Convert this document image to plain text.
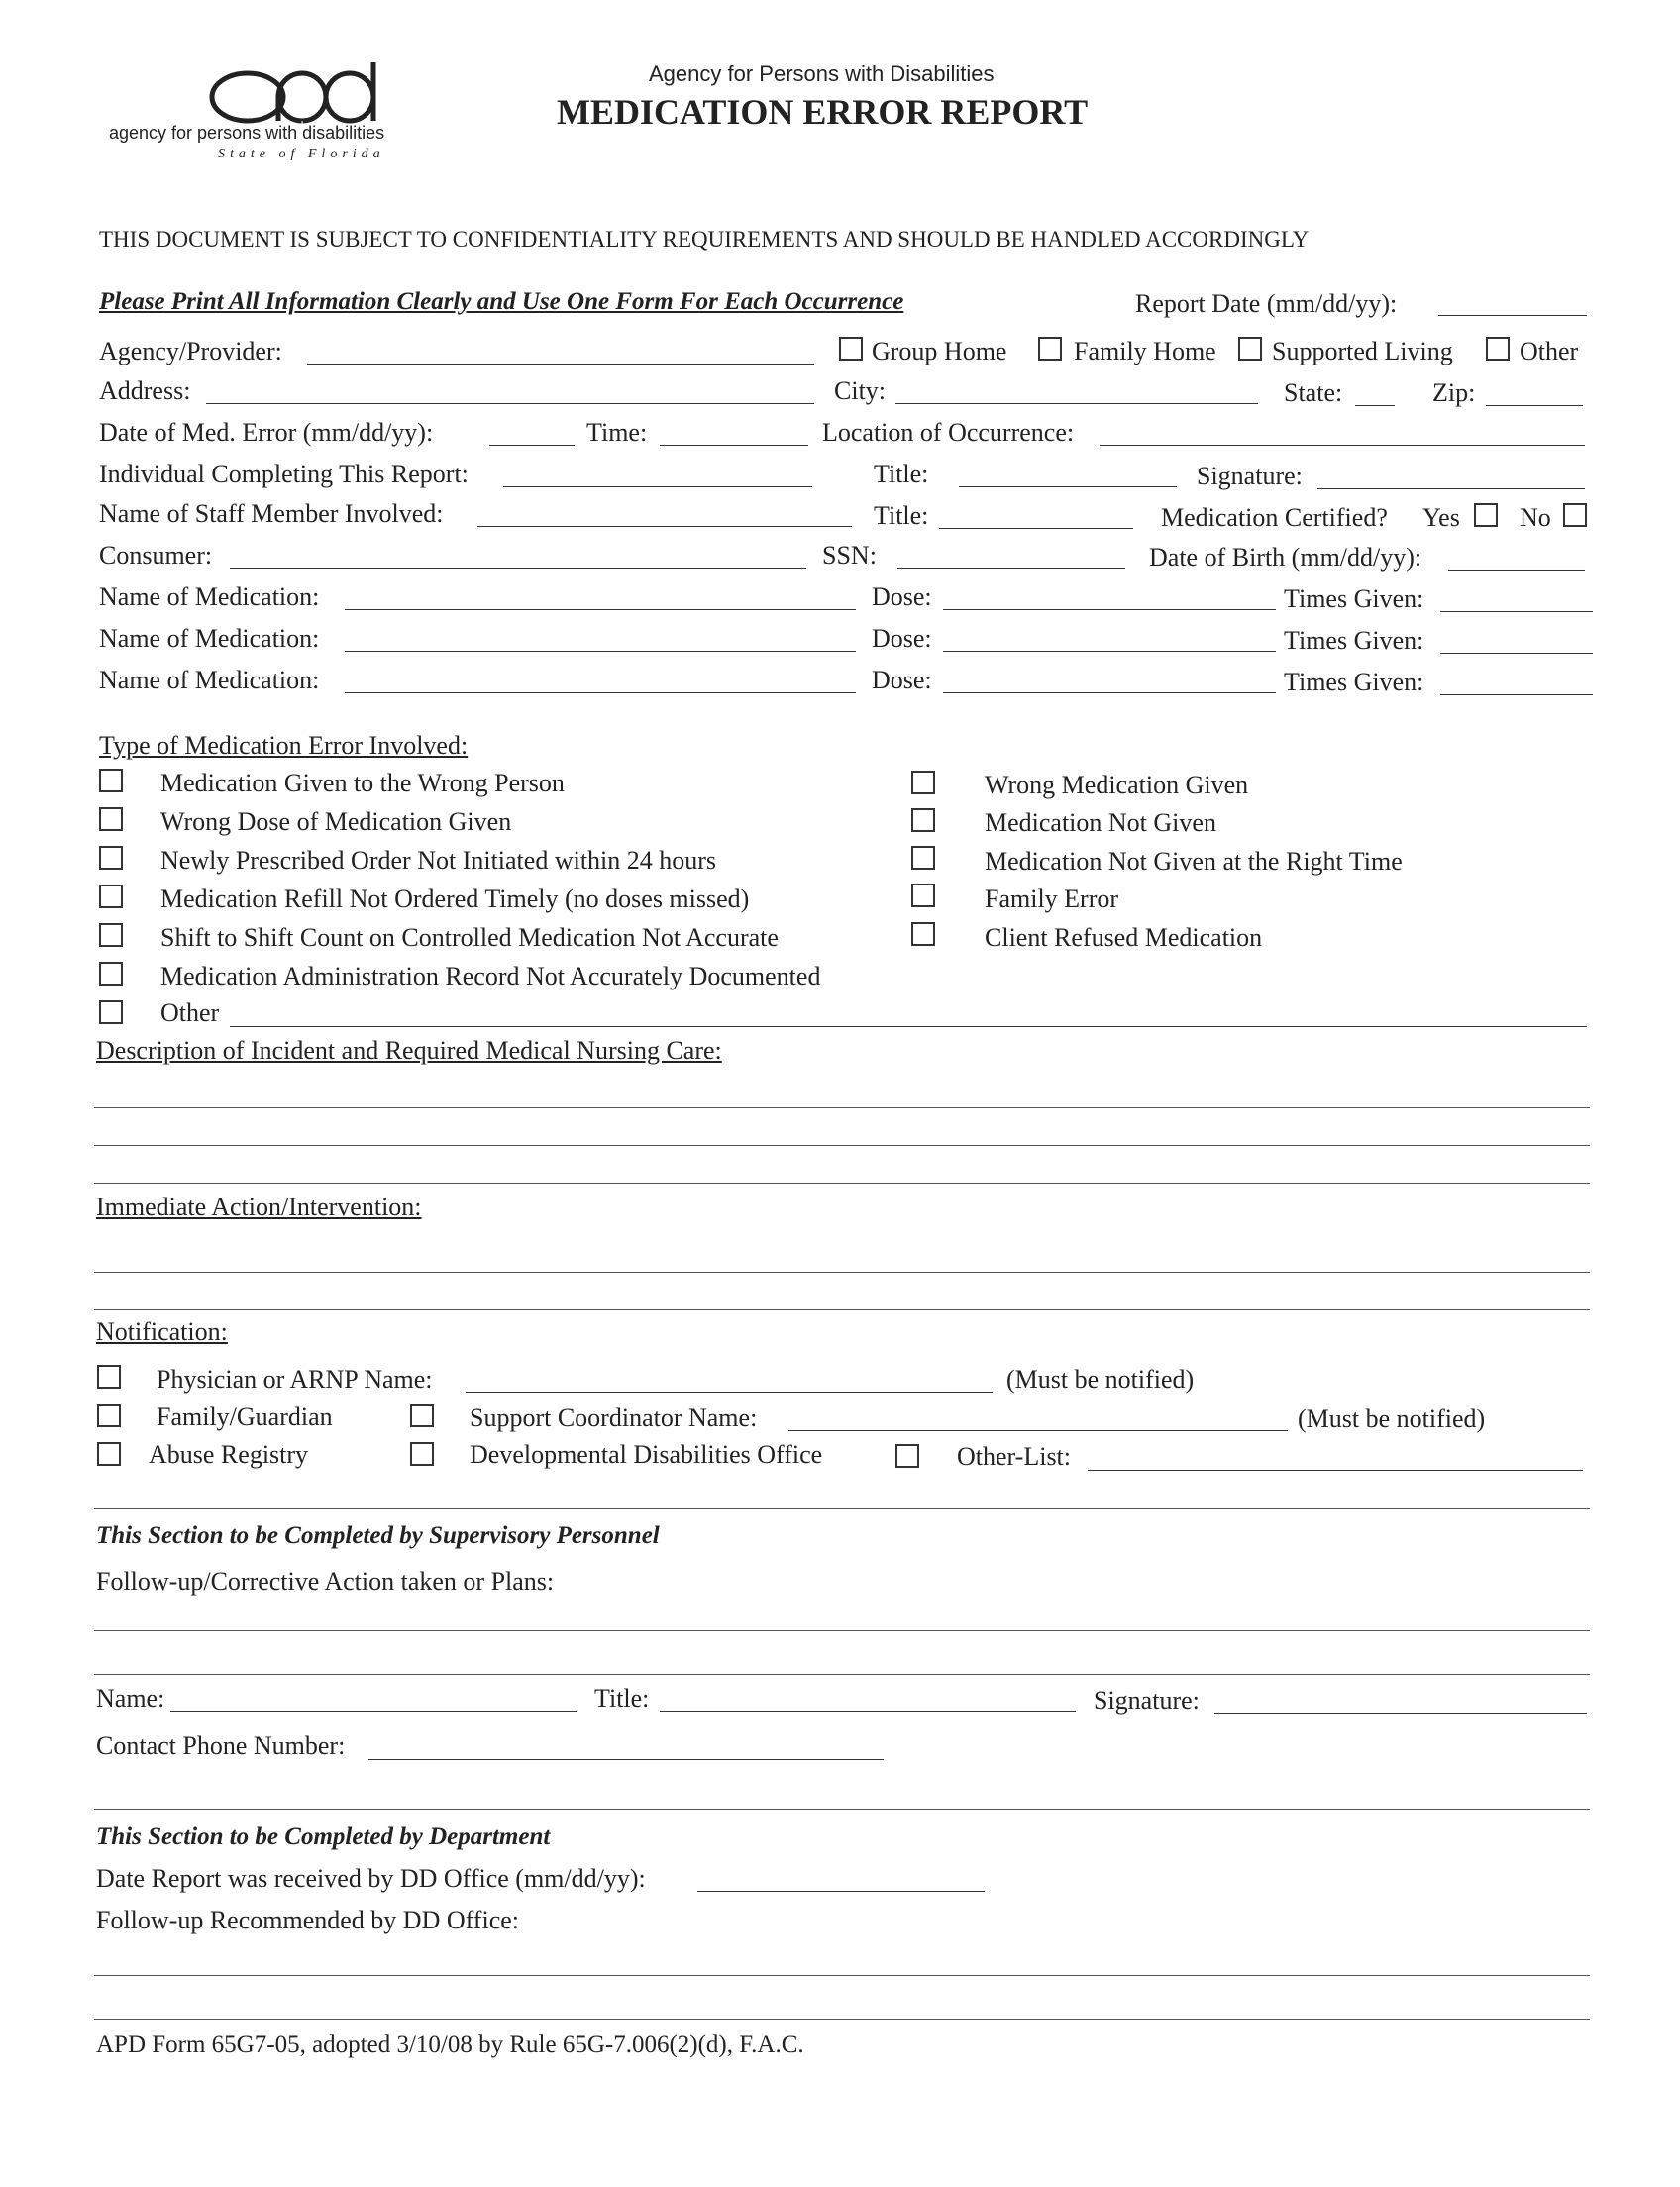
agency for persons with disabilities
State of Florida
Agency for Persons with Disabilities
MEDICATION ERROR REPORT
THIS DOCUMENT IS SUBJECT TO CONFIDENTIALITY REQUIREMENTS AND SHOULD BE HANDLED ACCORDINGLY
Please Print All Information Clearly and Use One Form For Each Occurrence	Report Date (mm/dd/yy):
Agency/Provider:	Group Home	Family Home Supported Living	Other
Address:	City:	State:	Zip:
Date of Med. Error (mm/dd/yy):	Time:	Location of Occurrence:
Individual Completing This Report:	Title:	Signature:
Name of Staff Member Involved:	Title:	Medication Certified? Yes No
Consumer:	SSN:	Date of Birth (mm/dd/yy):
Name of Medication:	Dose:	Times Given:
Name of Medication:	Dose:	Times Given:
Name of Medication:	Dose:	Times Given:
Type of Medication Error Involved:
Medication Given to the Wrong Person
Wrong Dose of Medication Given
Newly Prescribed Order Not Initiated within 24 hours
Medication Refill Not Ordered Timely (no doses missed)
Shift to Shift Count on Controlled Medication Not Accurate
Medication Administration Record Not Accurately Documented
Other
Wrong Medication Given
Medication Not Given
Medication Not Given at the Right Time
Family Error
Client Refused Medication
Description of Incident and Required Medical Nursing Care:
Immediate Action/Intervention:
Notification:
Physician or ARNP Name:	(Must be notified)
Family/Guardian	Support Coordinator Name:	(Must be notified)
Abuse Registry	Developmental Disabilities Office	Other-List:
This Section to be Completed by Supervisory Personnel
Follow-up/Corrective Action taken or Plans:
Name:	Title:	Signature:
Contact Phone Number:
This Section to be Completed by Department
Date Report was received by DD Office (mm/dd/yy):
Follow-up Recommended by DD Office:
APD Form 65G7-05, adopted 3/10/08 by Rule 65G-7.006(2)(d), F.A.C.
